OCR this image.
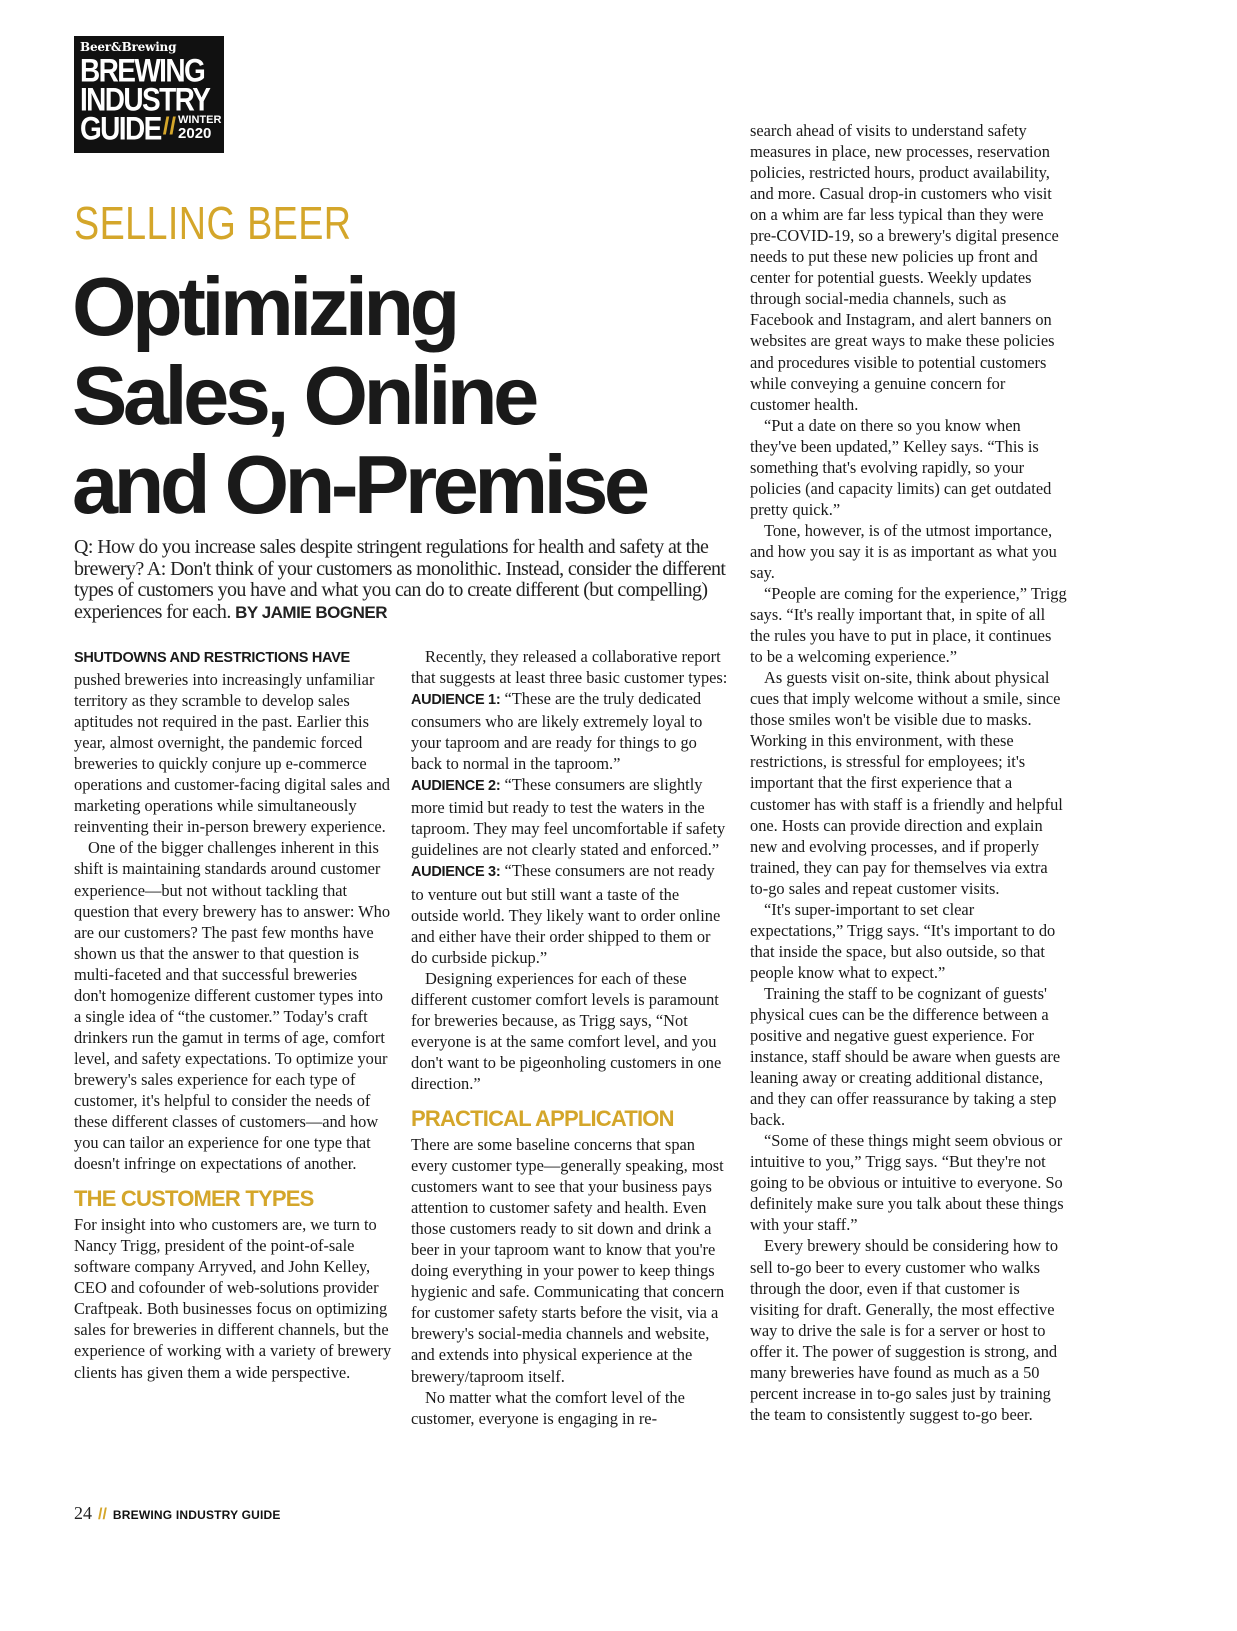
Beer&Brewing
BREWING
INDUSTRY
GUIDE // WINTER
2020
SELLING BEER
Optimizing
Sales, Online
and On-Premise
Q: How do you increase sales despite stringent regulations for health and safety at the brewery? A: Don't think of your customers as monolithic. Instead, consider the different types of customers you have and what you can do to create different (but compelling) experiences for each. BY JAMIE BOGNER

SHUTDOWNS AND RESTRICTIONS HAVE
pushed breweries into increasingly unfamiliar territory as they scramble to develop sales aptitudes not required in the past. Earlier this year, almost overnight, the pandemic forced breweries to quickly conjure up e-commerce operations and customer-facing digital sales and marketing operations while simultaneously reinventing their in-person brewery experience.

One of the bigger challenges inherent in this shift is maintaining standards around customer experience—but not without tackling that question that every brewery has to answer: Who are our customers? The past few months have shown us that the answer to that question is multi-faceted and that successful breweries don't homogenize different customer types into a single idea of “the customer.” Today's craft drinkers run the gamut in terms of age, comfort level, and safety expectations. To optimize your brewery's sales experience for each type of customer, it's helpful to consider the needs of these different classes of customers—and how you can tailor an experience for one type that doesn't infringe on expectations of another.

THE CUSTOMER TYPES

For insight into who customers are, we turn to Nancy Trigg, president of the point-of-sale software company Arryved, and John Kelley, CEO and cofounder of web-solutions provider Craftpeak. Both businesses focus on optimizing sales for breweries in different channels, but the experience of working with a variety of brewery clients has given them a wide perspective.

Recently, they released a collaborative report that suggests at least three basic customer types:

AUDIENCE 1: “These are the truly dedicated consumers who are likely extremely loyal to your taproom and are ready for things to go back to normal in the taproom.”

AUDIENCE 2: “These consumers are slightly more timid but ready to test the waters in the taproom. They may feel uncomfortable if safety guidelines are not clearly stated and enforced.”

AUDIENCE 3: “These consumers are not ready to venture out but still want a taste of the outside world. They likely want to order online and either have their order shipped to them or do curbside pickup.”

Designing experiences for each of these different customer comfort levels is paramount for breweries because, as Trigg says, “Not everyone is at the same comfort level, and you don't want to be pigeonholing customers in one direction.”

PRACTICAL APPLICATION

There are some baseline concerns that span every customer type—generally speaking, most customers want to see that your business pays attention to customer safety and health. Even those customers ready to sit down and drink a beer in your taproom want to know that you're doing everything in your power to keep things hygienic and safe. Communicating that concern for customer safety starts before the visit, via a brewery's social-media channels and website, and extends into physical experience at the brewery/taproom itself.

No matter what the comfort level of the customer, everyone is engaging in re-

search ahead of visits to understand safety measures in place, new processes, reservation policies, restricted hours, product availability, and more. Casual drop-in customers who visit on a whim are far less typical than they were pre-COVID-19, so a brewery's digital presence needs to put these new policies up front and center for potential guests. Weekly updates through social-media channels, such as Facebook and Instagram, and alert banners on websites are great ways to make these policies and procedures visible to potential customers while conveying a genuine concern for customer health.

“Put a date on there so you know when they've been updated,” Kelley says. “This is something that's evolving rapidly, so your policies (and capacity limits) can get outdated pretty quick.”

Tone, however, is of the utmost importance, and how you say it is as important as what you say.

“People are coming for the experience,” Trigg says. “It's really important that, in spite of all the rules you have to put in place, it continues to be a welcoming experience.”

As guests visit on-site, think about physical cues that imply welcome without a smile, since those smiles won't be visible due to masks. Working in this environment, with these restrictions, is stressful for employees; it's important that the first experience that a customer has with staff is a friendly and helpful one. Hosts can provide direction and explain new and evolving processes, and if properly trained, they can pay for themselves via extra to-go sales and repeat customer visits.

“It's super-important to set clear expectations,” Trigg says. “It's important to do that inside the space, but also outside, so that people know what to expect.”

Training the staff to be cognizant of guests' physical cues can be the difference between a positive and negative guest experience. For instance, staff should be aware when guests are leaning away or creating additional distance, and they can offer reassurance by taking a step back.

“Some of these things might seem obvious or intuitive to you,” Trigg says. “But they're not going to be obvious or intuitive to everyone. So definitely make sure you talk about these things with your staff.”

Every brewery should be considering how to sell to-go beer to every customer who walks through the door, even if that customer is visiting for draft. Generally, the most effective way to drive the sale is for a server or host to offer it. The power of suggestion is strong, and many breweries have found as much as a 50 percent increase in to-go sales just by training the team to consistently suggest to-go beer.

24 // BREWING INDUSTRY GUIDE
